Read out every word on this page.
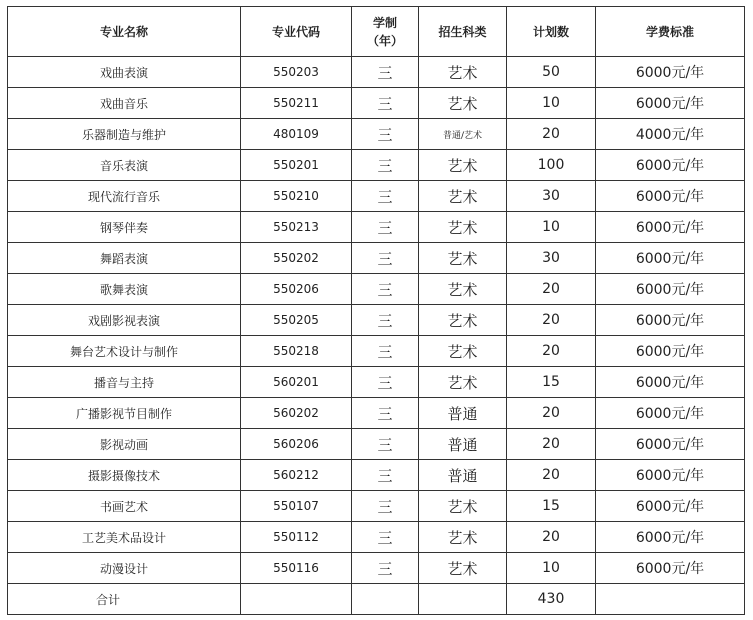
专业名称	专业代码	学制（年）	招生科类	计划数	学费标准
戏曲表演	550203	三	艺术	50	6000元/年
戏曲音乐	550211	三	艺术	10	6000元/年
乐器制造与维护	480109	三	普通/艺术	20	4000元/年
音乐表演	550201	三	艺术	100	6000元/年
现代流行音乐	550210	三	艺术	30	6000元/年
钢琴伴奏	550213	三	艺术	10	6000元/年
舞蹈表演	550202	三	艺术	30	6000元/年
歌舞表演	550206	三	艺术	20	6000元/年
戏剧影视表演	550205	三	艺术	20	6000元/年
舞台艺术设计与制作	550218	三	艺术	20	6000元/年
播音与主持	560201	三	艺术	15	6000元/年
广播影视节目制作	560202	三	普通	20	6000元/年
影视动画	560206	三	普通	20	6000元/年
摄影摄像技术	560212	三	普通	20	6000元/年
书画艺术	550107	三	艺术	15	6000元/年
工艺美术品设计	550112	三	艺术	20	6000元/年
动漫设计	550116	三	艺术	10	6000元/年
合计				430	
